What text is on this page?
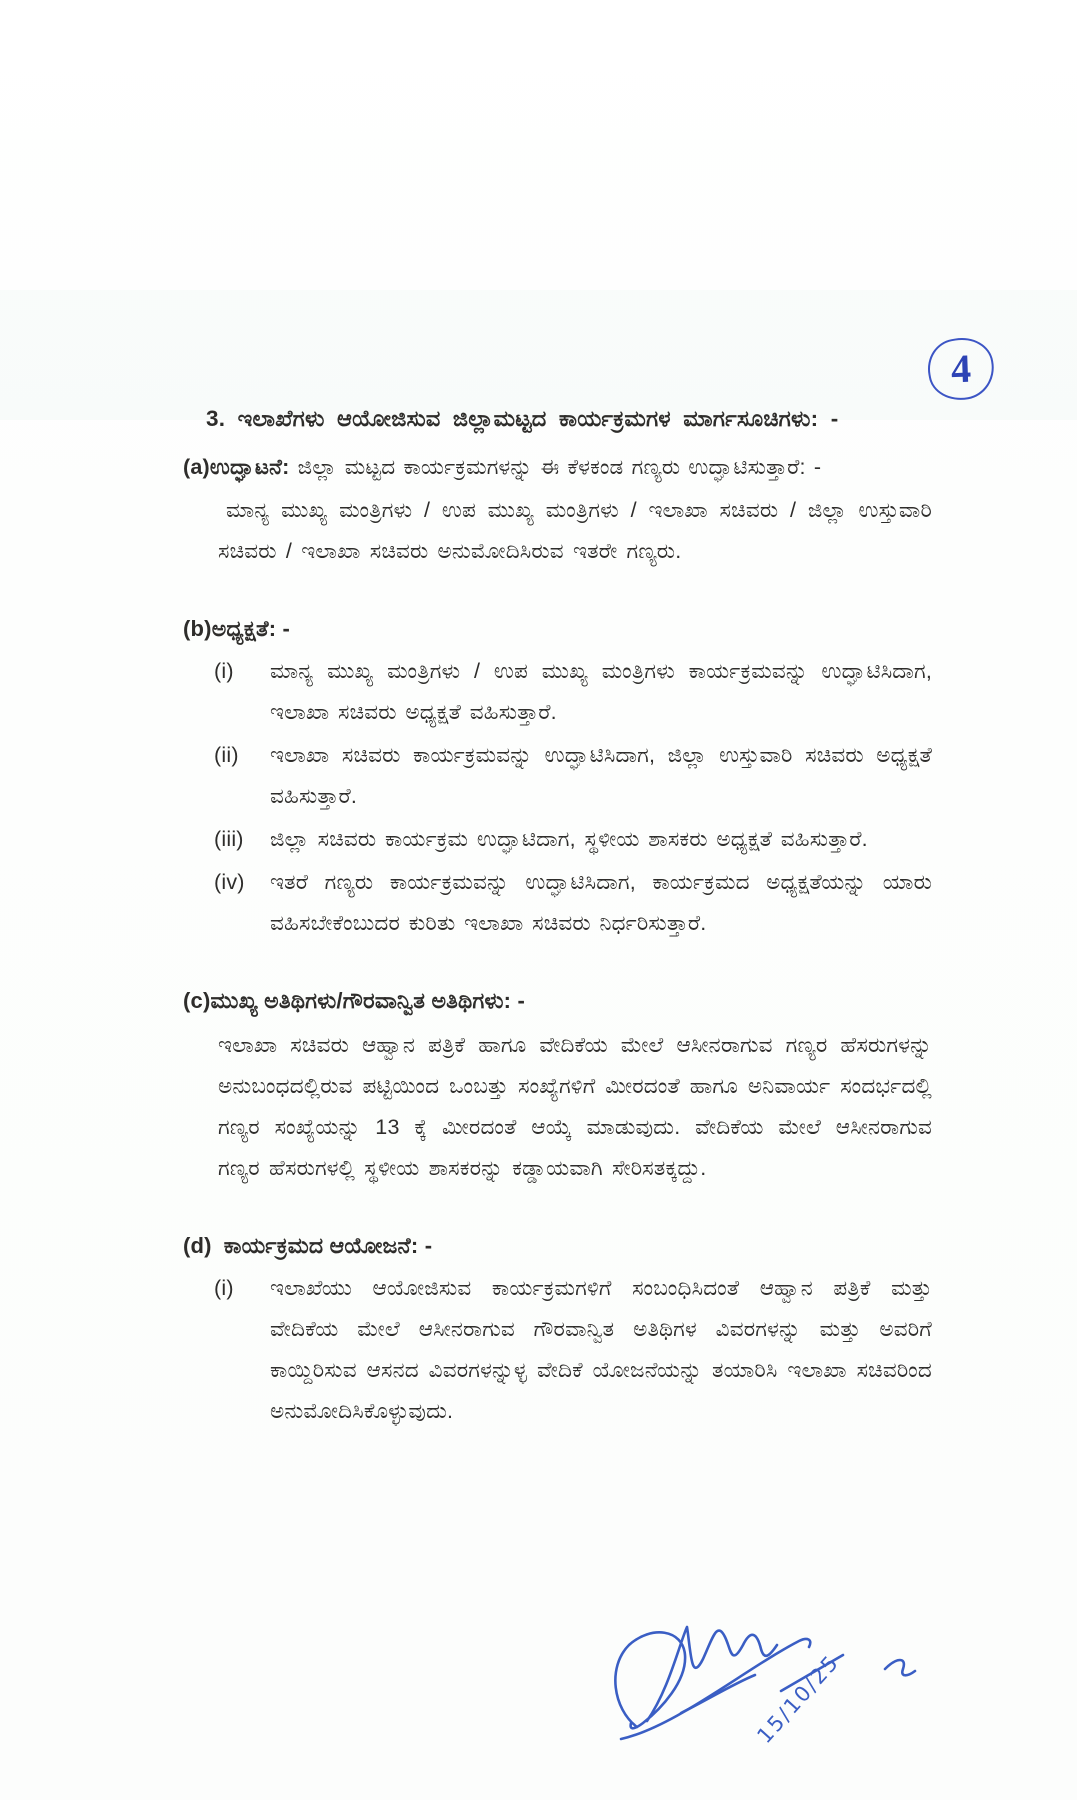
4

3. ಇಲಾಖೆಗಳು ಆಯೋಜಿಸುವ ಜಿಲ್ಲಾಮಟ್ಟದ ಕಾರ್ಯಕ್ರಮಗಳ ಮಾರ್ಗಸೂಚಿಗಳು: -

(a)ಉದ್ಘಾಟನೆ: ಜಿಲ್ಲಾ ಮಟ್ಟದ ಕಾರ್ಯಕ್ರಮಗಳನ್ನು ಈ ಕೆಳಕಂಡ ಗಣ್ಯರು ಉದ್ಘಾಟಿಸುತ್ತಾರೆ: -

ಮಾನ್ಯ ಮುಖ್ಯ ಮಂತ್ರಿಗಳು / ಉಪ ಮುಖ್ಯ ಮಂತ್ರಿಗಳು / ಇಲಾಖಾ ಸಚಿವರು / ಜಿಲ್ಲಾ ಉಸ್ತುವಾರಿ ಸಚಿವರು / ಇಲಾಖಾ ಸಚಿವರು ಅನುಮೋದಿಸಿರುವ ಇತರೇ ಗಣ್ಯರು.

(b)ಅಧ್ಯಕ್ಷತೆ: -

(i) ಮಾನ್ಯ ಮುಖ್ಯ ಮಂತ್ರಿಗಳು / ಉಪ ಮುಖ್ಯ ಮಂತ್ರಿಗಳು ಕಾರ್ಯಕ್ರಮವನ್ನು ಉದ್ಘಾಟಿಸಿದಾಗ, ಇಲಾಖಾ ಸಚಿವರು ಅಧ್ಯಕ್ಷತೆ ವಹಿಸುತ್ತಾರೆ.

(ii) ಇಲಾಖಾ ಸಚಿವರು ಕಾರ್ಯಕ್ರಮವನ್ನು ಉದ್ಘಾಟಿಸಿದಾಗ, ಜಿಲ್ಲಾ ಉಸ್ತುವಾರಿ ಸಚಿವರು ಅಧ್ಯಕ್ಷತೆ ವಹಿಸುತ್ತಾರೆ.

(iii) ಜಿಲ್ಲಾ ಸಚಿವರು ಕಾರ್ಯಕ್ರಮ ಉದ್ಘಾಟಿದಾಗ, ಸ್ಥಳೀಯ ಶಾಸಕರು ಅಧ್ಯಕ್ಷತೆ ವಹಿಸುತ್ತಾರೆ.

(iv) ಇತರೆ ಗಣ್ಯರು ಕಾರ್ಯಕ್ರಮವನ್ನು ಉದ್ಘಾಟಿಸಿದಾಗ, ಕಾರ್ಯಕ್ರಮದ ಅಧ್ಯಕ್ಷತೆಯನ್ನು ಯಾರು ವಹಿಸಬೇಕೆಂಬುದರ ಕುರಿತು ಇಲಾಖಾ ಸಚಿವರು ನಿರ್ಧರಿಸುತ್ತಾರೆ.

(c)ಮುಖ್ಯ ಅತಿಥಿಗಳು/ಗೌರವಾನ್ವಿತ ಅತಿಥಿಗಳು: -

ಇಲಾಖಾ ಸಚಿವರು ಆಹ್ವಾನ ಪತ್ರಿಕೆ ಹಾಗೂ ವೇದಿಕೆಯ ಮೇಲೆ ಆಸೀನರಾಗುವ ಗಣ್ಯರ ಹೆಸರುಗಳನ್ನು ಅನುಬಂಧದಲ್ಲಿರುವ ಪಟ್ಟಿಯಿಂದ ಒಂಬತ್ತು ಸಂಖ್ಯೆಗಳಿಗೆ ಮೀರದಂತೆ ಹಾಗೂ ಅನಿವಾರ್ಯ ಸಂದರ್ಭದಲ್ಲಿ ಗಣ್ಯರ ಸಂಖ್ಯೆಯನ್ನು 13 ಕ್ಕೆ ಮೀರದಂತೆ ಆಯ್ಕೆ ಮಾಡುವುದು. ವೇದಿಕೆಯ ಮೇಲೆ ಆಸೀನರಾಗುವ ಗಣ್ಯರ ಹೆಸರುಗಳಲ್ಲಿ ಸ್ಥಳೀಯ ಶಾಸಕರನ್ನು ಕಡ್ಡಾಯವಾಗಿ ಸೇರಿಸತಕ್ಕದ್ದು.

(d) ಕಾರ್ಯಕ್ರಮದ ಆಯೋಜನೆ: -

(i) ಇಲಾಖೆಯು ಆಯೋಜಿಸುವ ಕಾರ್ಯಕ್ರಮಗಳಿಗೆ ಸಂಬಂಧಿಸಿದಂತೆ ಆಹ್ವಾನ ಪತ್ರಿಕೆ ಮತ್ತು ವೇದಿಕೆಯ ಮೇಲೆ ಆಸೀನರಾಗುವ ಗೌರವಾನ್ವಿತ ಅತಿಥಿಗಳ ವಿವರಗಳನ್ನು ಮತ್ತು ಅವರಿಗೆ ಕಾಯ್ದಿರಿಸುವ ಆಸನದ ವಿವರಗಳನ್ನುಳ್ಳ ವೇದಿಕೆ ಯೋಜನೆಯನ್ನು ತಯಾರಿಸಿ ಇಲಾಖಾ ಸಚಿವರಿಂದ ಅನುಮೋದಿಸಿಕೊಳ್ಳುವುದು.

15/10/25
